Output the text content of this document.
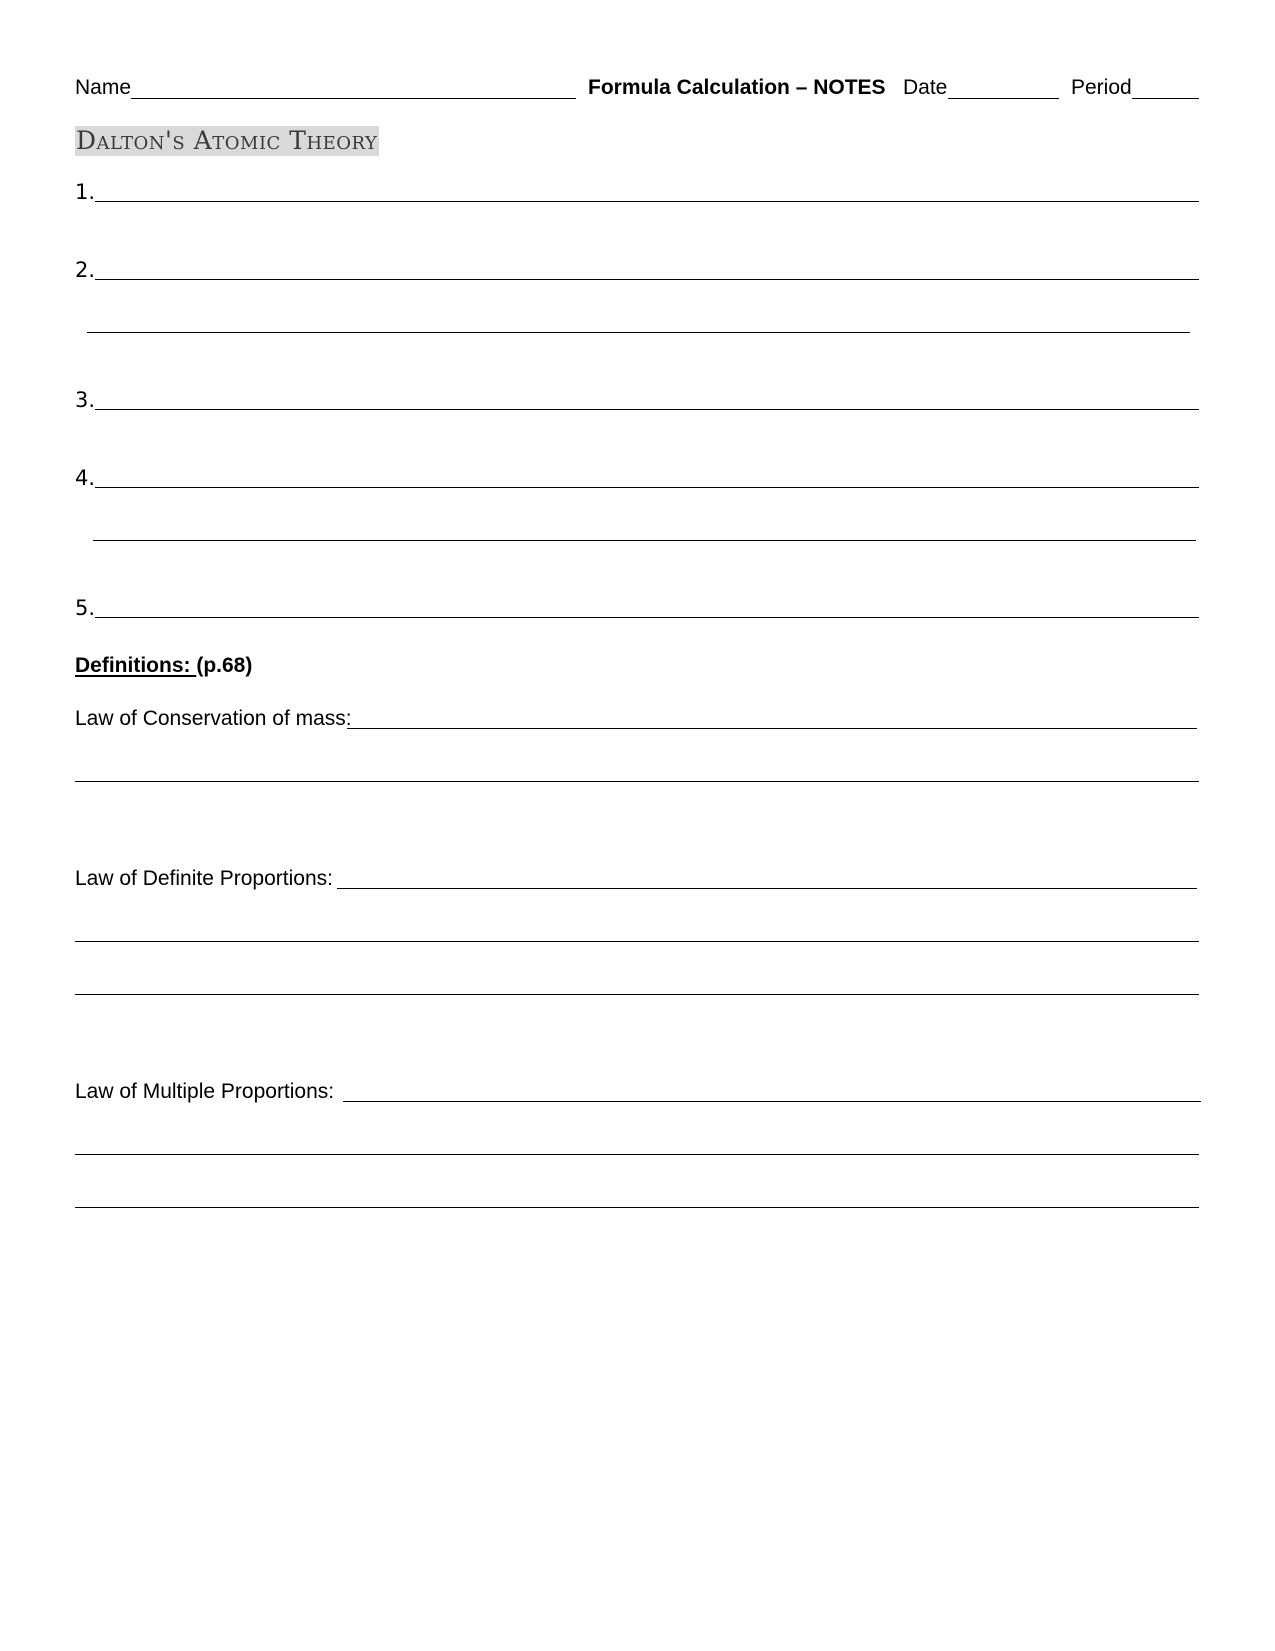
Name	Formula Calculation – NOTES Date	Period
Dalton's Atomic Theory
1.
2.
3.
4.
5.
Definitions: (p.68)
Law of Conservation of mass:
Law of Definite Proportions:
Law of Multiple Proportions:
